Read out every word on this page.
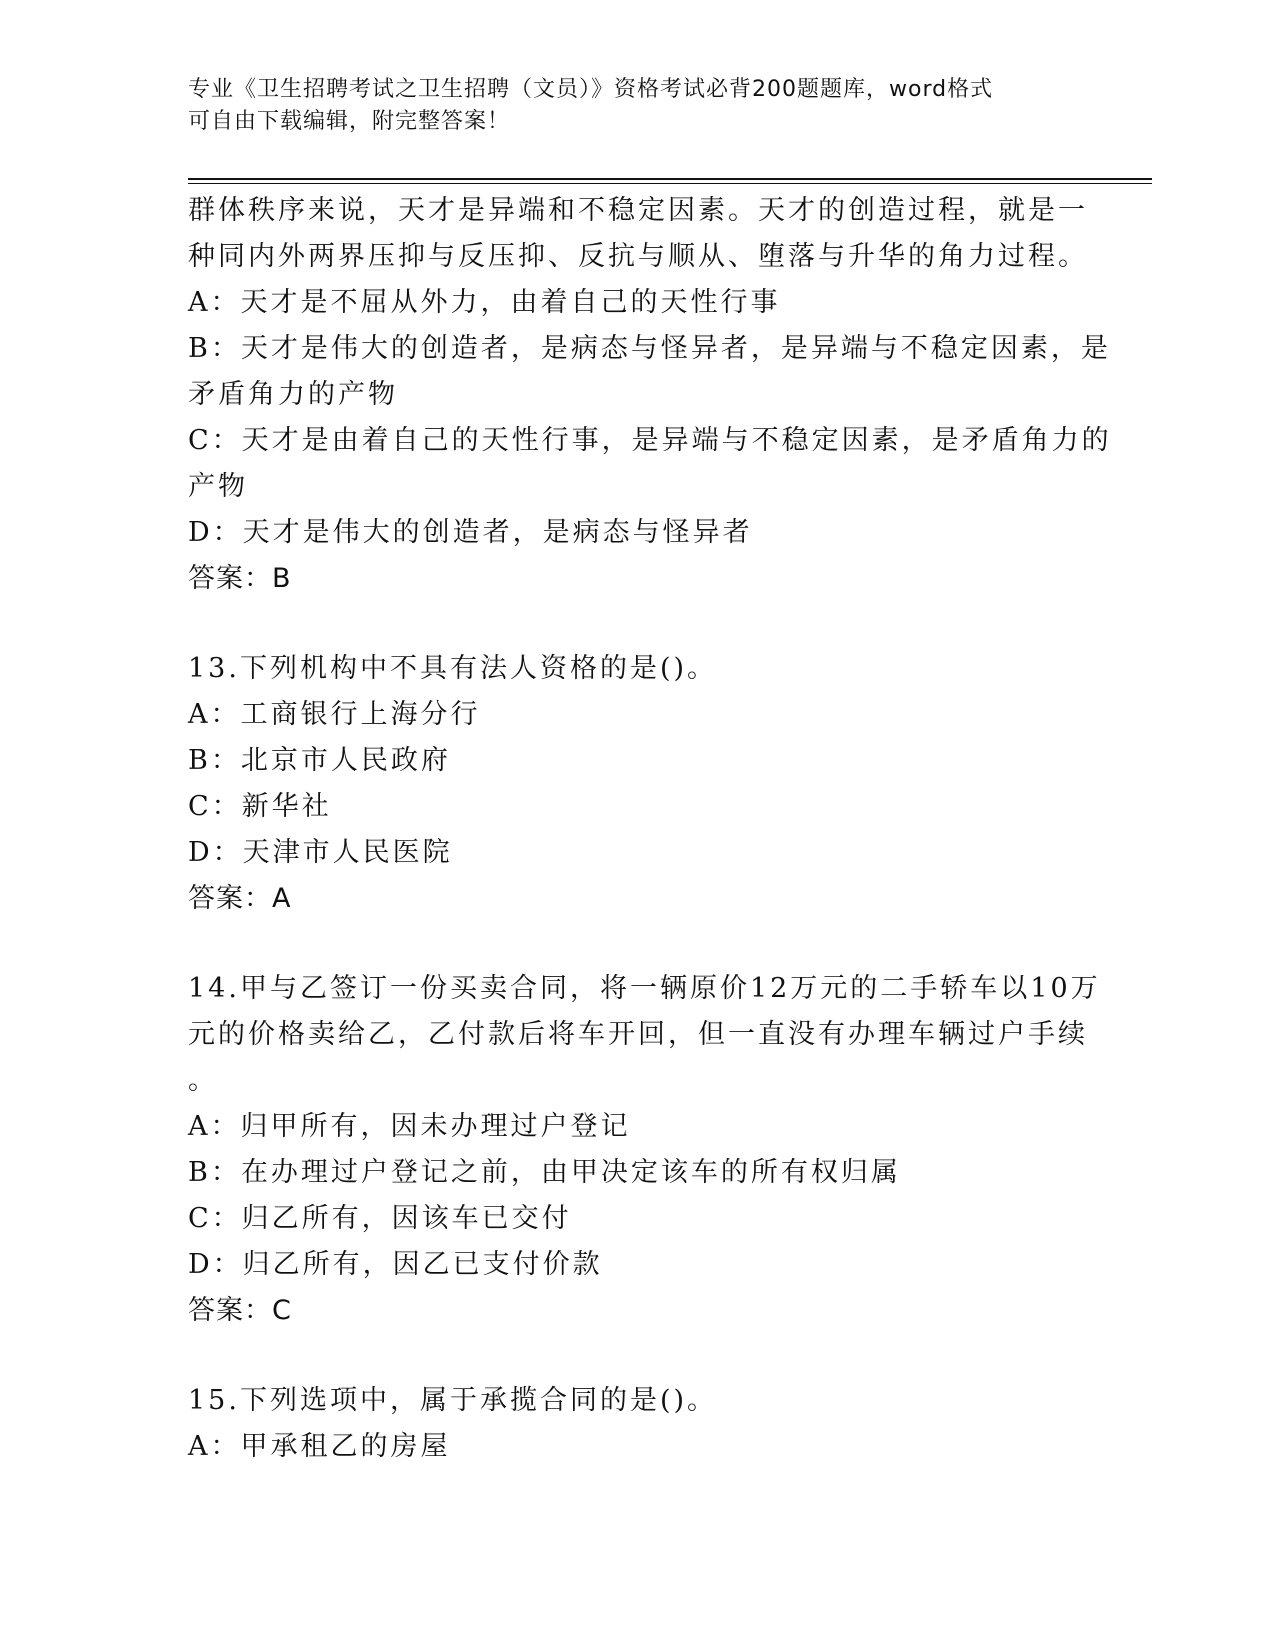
专业《卫生招聘考试之卫生招聘（文员）》资格考试必背200题题库，word格式
可自由下载编辑，附完整答案！
群体秩序来说，天才是异端和不稳定因素。天才的创造过程，就是一
种同内外两界压抑与反压抑、反抗与顺从、堕落与升华的角力过程。
A：天才是不屈从外力，由着自己的天性行事
B：天才是伟大的创造者，是病态与怪异者，是异端与不稳定因素，是
矛盾角力的产物
C：天才是由着自己的天性行事，是异端与不稳定因素，是矛盾角力的
产物
D：天才是伟大的创造者，是病态与怪异者
答案：B
13.下列机构中不具有法人资格的是()。
A：工商银行上海分行
B：北京市人民政府
C：新华社
D：天津市人民医院
答案：A
14.甲与乙签订一份买卖合同，将一辆原价12万元的二手轿车以10万
元的价格卖给乙，乙付款后将车开回，但一直没有办理车辆过户手续
。
A：归甲所有，因未办理过户登记
B：在办理过户登记之前，由甲决定该车的所有权归属
C：归乙所有，因该车已交付
D：归乙所有，因乙已支付价款
答案：C
15.下列选项中，属于承揽合同的是()。
A：甲承租乙的房屋
